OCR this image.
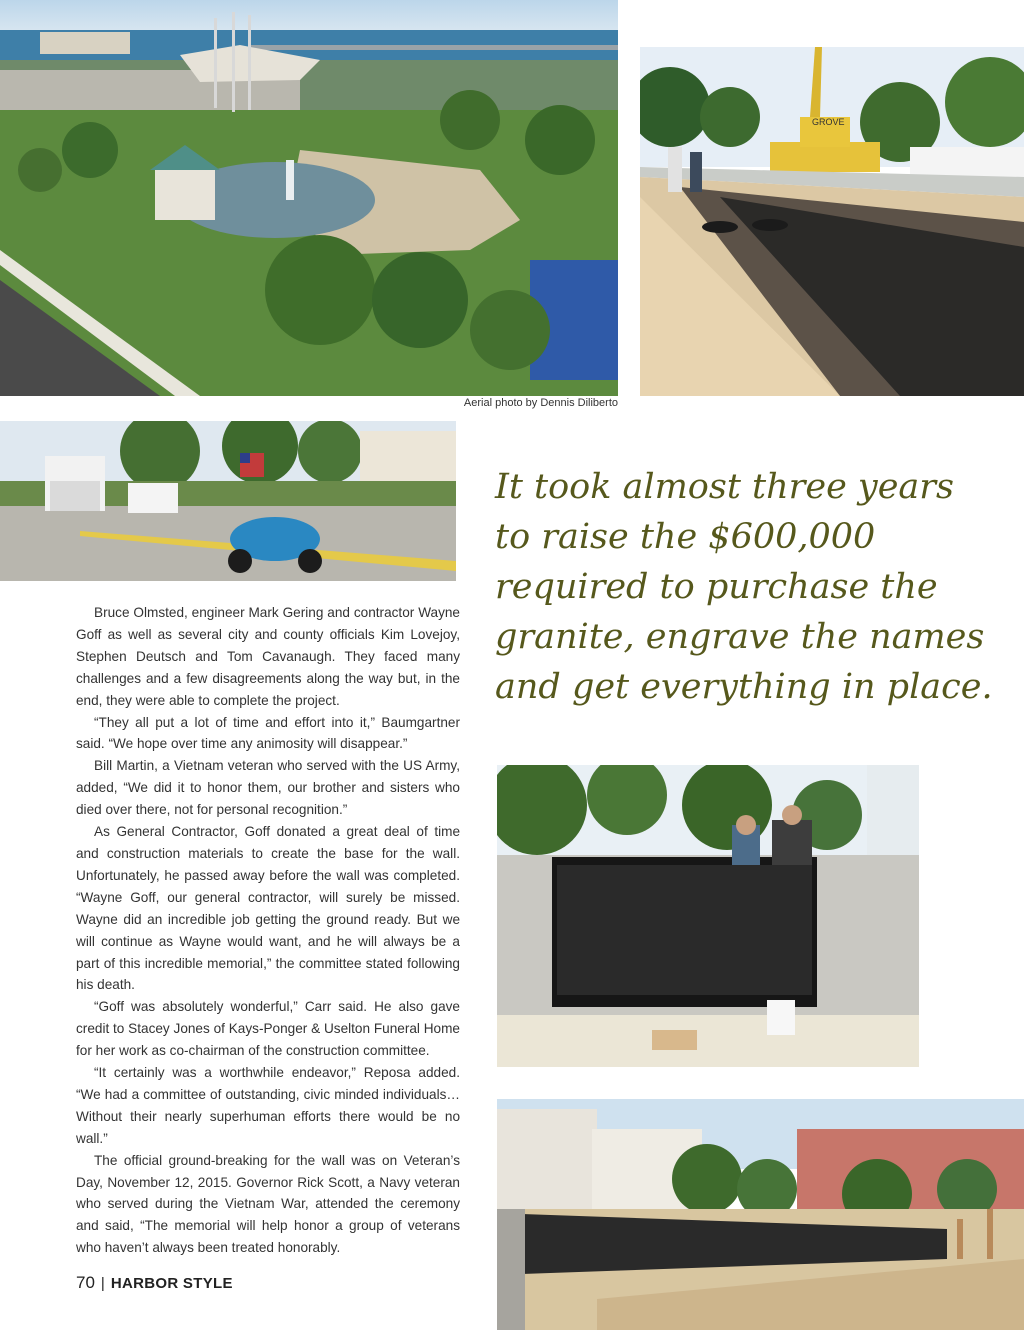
GROVE
Aerial photo by Dennis Diliberto
It took almost three years
to raise the $600,000
required to purchase the
granite, engrave the names
and get everything in place.

Bruce Olmsted, engineer Mark Gering and contractor Wayne Goff as well as several city and county officials Kim Lovejoy, Stephen Deutsch and Tom Cavanaugh. They faced many challenges and a few disagreements along the way but, in the end, they were able to complete the project.

“They all put a lot of time and effort into it,” Baumgartner said. “We hope over time any animosity will disappear.”

Bill Martin, a Vietnam veteran who served with the US Army, added, “We did it to honor them, our brother and sisters who died over there, not for personal recognition.”

As General Contractor, Goff donated a great deal of time and construction materials to create the base for the wall. Unfortunately, he passed away before the wall was completed. “Wayne Goff, our general contractor, will surely be missed. Wayne did an incredible job getting the ground ready. But we will continue as Wayne would want, and he will always be a part of this incredible memorial,” the committee stated following his death.

“Goff was absolutely wonderful,” Carr said. He also gave credit to Stacey Jones of Kays-Ponger & Uselton Funeral Home for her work as co-chairman of the construction committee.

“It certainly was a worthwhile endeavor,” Reposa added. “We had a committee of outstanding, civic minded individuals… Without their nearly superhuman efforts there would be no wall.”

The official ground-breaking for the wall was on Veteran’s Day, November 12, 2015. Governor Rick Scott, a Navy veteran who served during the Vietnam War, attended the ceremony and said, “The memorial will help honor a group of veterans who haven’t always been treated honorably.

70 | HARBOR STYLE
